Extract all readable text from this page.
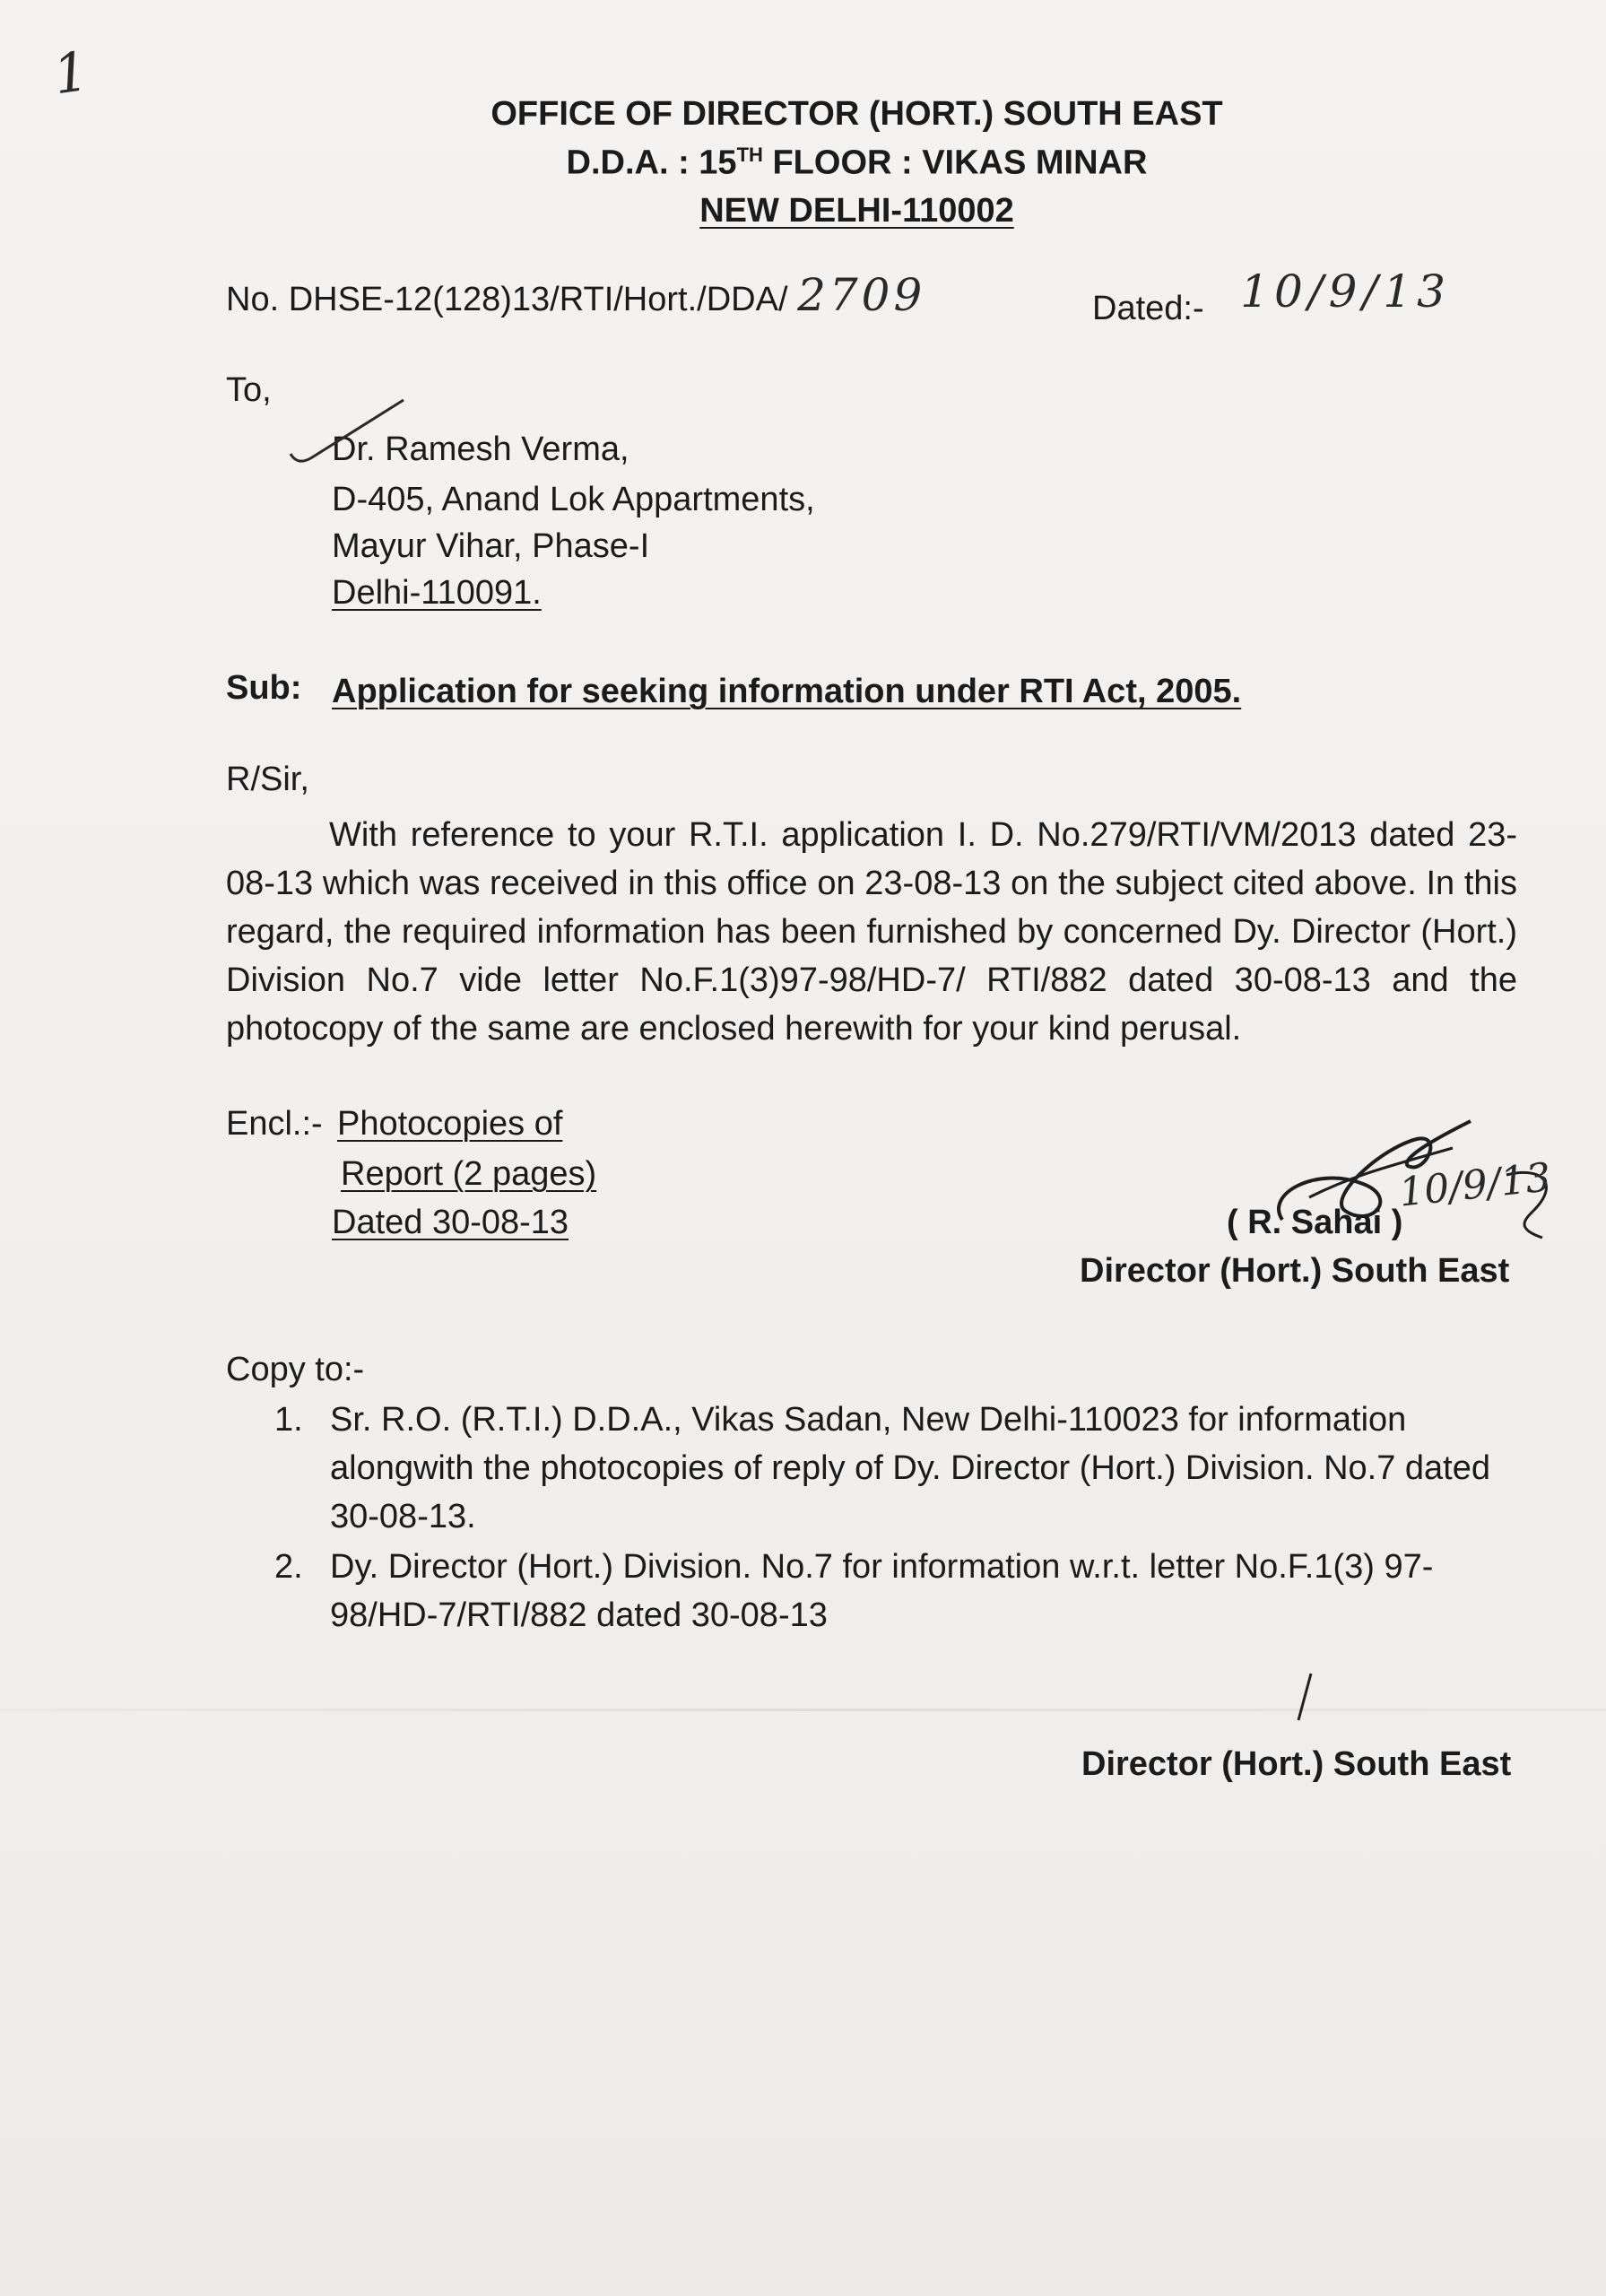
1
OFFICE OF DIRECTOR (HORT.) SOUTH EAST
D.D.A. : 15TH FLOOR : VIKAS MINAR
NEW DELHI-110002
No. DHSE-12(128)13/RTI/Hort./DDA/ 2709	Dated:- 10/9/13
To,
Dr. Ramesh Verma,
D-405, Anand Lok Appartments,
Mayur Vihar, Phase-I
Delhi-110091.
Sub: Application for seeking information under RTI Act, 2005.
R/Sir,
With reference to your R.T.I. application I. D. No.279/RTI/VM/2013 dated 23-08-13 which was received in this office on 23-08-13 on the subject cited above. In this regard, the required information has been furnished by concerned Dy. Director (Hort.) Division No.7 vide letter No.F.1(3)97-98/HD-7/ RTI/882 dated 30-08-13 and the photocopy of the same are enclosed herewith for your kind perusal.
Encl.:- Photocopies of
Report (2 pages)
Dated 30-08-13
10/9/13
( R. Sahai )
Director (Hort.) South East
Copy to:-
1. Sr. R.O. (R.T.I.) D.D.A., Vikas Sadan, New Delhi-110023 for information alongwith the photocopies of reply of Dy. Director (Hort.) Division. No.7 dated 30-08-13.
2. Dy. Director (Hort.) Division. No.7 for information w.r.t. letter No.F.1(3) 97-98/HD-7/RTI/882 dated 30-08-13
Director (Hort.) South East
